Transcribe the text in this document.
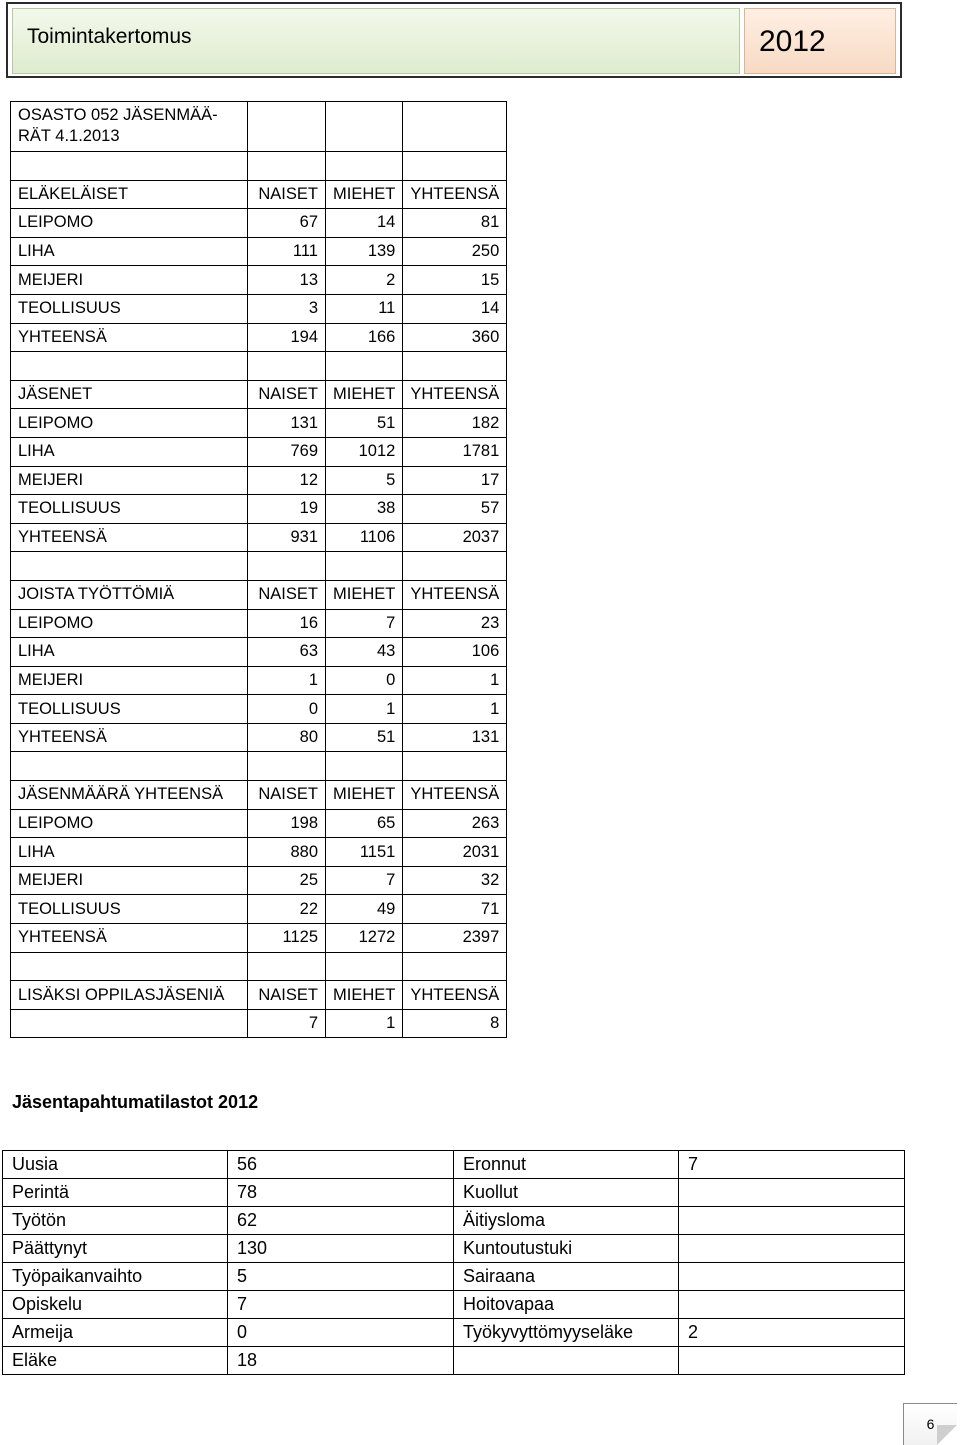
Toimintakertomus	2012
OSASTO 052 JÄSENMÄÄ-RÄT 4.1.2013			

ELÄKELÄISET	NAISET	MIEHET	YHTEENSÄ
LEIPOMO	67	14	81
LIHA	111	139	250
MEIJERI	13	2	15
TEOLLISUUS	3	11	14
YHTEENSÄ	194	166	360

JÄSENET	NAISET	MIEHET	YHTEENSÄ
LEIPOMO	131	51	182
LIHA	769	1012	1781
MEIJERI	12	5	17
TEOLLISUUS	19	38	57
YHTEENSÄ	931	1106	2037

JOISTA TYÖTTÖMIÄ	NAISET	MIEHET	YHTEENSÄ
LEIPOMO	16	7	23
LIHA	63	43	106
MEIJERI	1	0	1
TEOLLISUUS	0	1	1
YHTEENSÄ	80	51	131

JÄSENMÄÄRÄ YHTEENSÄ	NAISET	MIEHET	YHTEENSÄ
LEIPOMO	198	65	263
LIHA	880	1151	2031
MEIJERI	25	7	32
TEOLLISUUS	22	49	71
YHTEENSÄ	1125	1272	2397

LISÄKSI OPPILASJÄSENIÄ	NAISET	MIEHET	YHTEENSÄ
	7	1	8
Jäsentapahtumatilastot 2012
Uusia	56	Eronnut	7
Perintä	78	Kuollut	
Työtön	62	Äitiysloma	
Päättynyt	130	Kuntoutustuki	
Työpaikanvaihto	5	Sairaana	
Opiskelu	7	Hoitovapaa	
Armeija	0	Työkyvyttömyyseläke	2
Eläke	18		
6
